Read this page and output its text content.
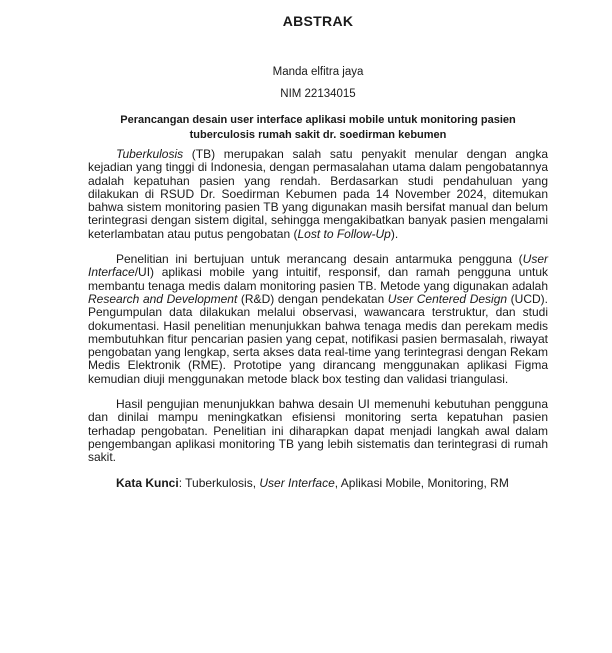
ABSTRAK
Manda elfitra jaya
NIM 22134015
Perancangan desain user interface aplikasi mobile untuk monitoring pasien
tuberculosis rumah sakit dr. soedirman kebumen

Tuberkulosis (TB) merupakan salah satu penyakit menular dengan angka kejadian yang tinggi di Indonesia, dengan permasalahan utama dalam pengobatannya adalah kepatuhan pasien yang rendah. Berdasarkan studi pendahuluan yang dilakukan di RSUD Dr. Soedirman Kebumen pada 14 November 2024, ditemukan bahwa sistem monitoring pasien TB yang digunakan masih bersifat manual dan belum terintegrasi dengan sistem digital, sehingga mengakibatkan banyak pasien mengalami keterlambatan atau putus pengobatan (Lost to Follow-Up).

Penelitian ini bertujuan untuk merancang desain antarmuka pengguna (User Interface/UI) aplikasi mobile yang intuitif, responsif, dan ramah pengguna untuk membantu tenaga medis dalam monitoring pasien TB. Metode yang digunakan adalah Research and Development (R&D) dengan pendekatan User Centered Design (UCD). Pengumpulan data dilakukan melalui observasi, wawancara terstruktur, dan studi dokumentasi. Hasil penelitian menunjukkan bahwa tenaga medis dan perekam medis membutuhkan fitur pencarian pasien yang cepat, notifikasi pasien bermasalah, riwayat pengobatan yang lengkap, serta akses data real-time yang terintegrasi dengan Rekam Medis Elektronik (RME). Prototipe yang dirancang menggunakan aplikasi Figma kemudian diuji menggunakan metode black box testing dan validasi triangulasi.

Hasil pengujian menunjukkan bahwa desain UI memenuhi kebutuhan pengguna dan dinilai mampu meningkatkan efisiensi monitoring serta kepatuhan pasien terhadap pengobatan. Penelitian ini diharapkan dapat menjadi langkah awal dalam pengembangan aplikasi monitoring TB yang lebih sistematis dan terintegrasi di rumah sakit.

Kata Kunci: Tuberkulosis, User Interface, Aplikasi Mobile, Monitoring, RM
